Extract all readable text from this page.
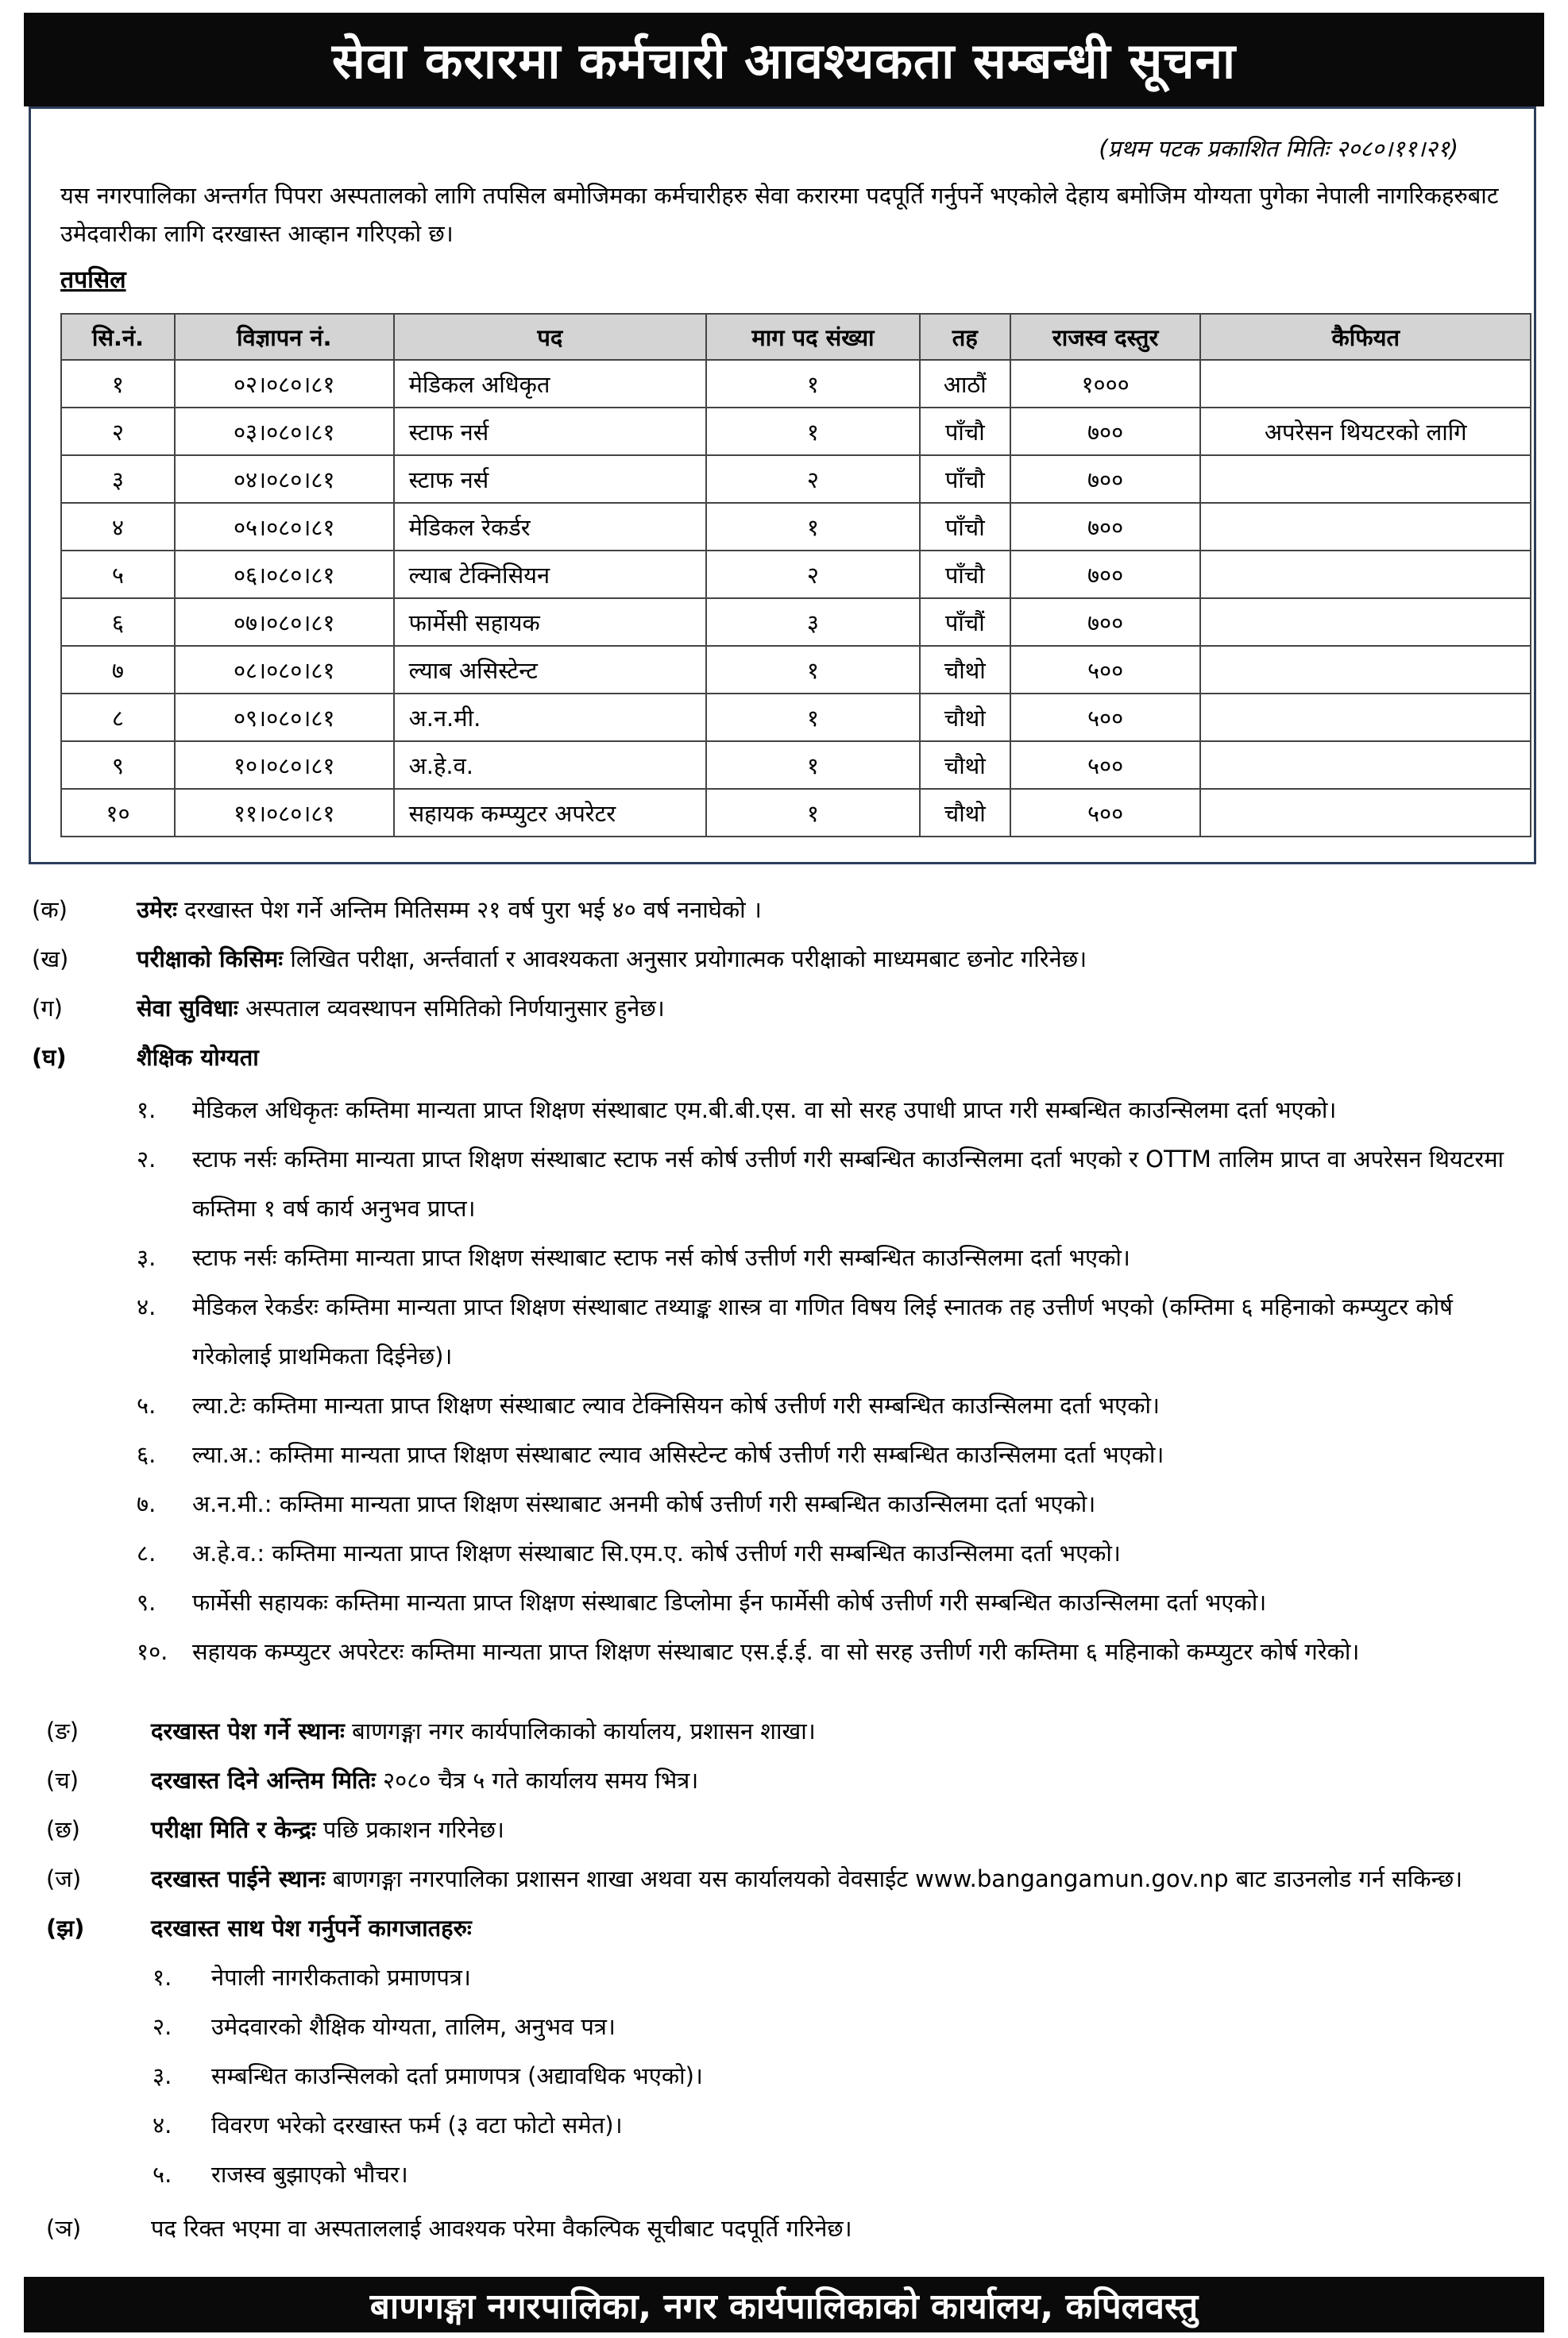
सेवा करारमा कर्मचारी आवश्यकता सम्बन्धी सूचना
(प्रथम पटक प्रकाशित मितिः २०८०।११।२१)
यस नगरपालिका अन्तर्गत पिपरा अस्पतालको लागि तपसिल बमोजिमका कर्मचारीहरु सेवा करारमा पदपूर्ति गर्नुपर्ने भएकोले देहाय बमोजिम योग्यता पुगेका नेपाली नागरिकहरुबाट उमेदवारीका लागि दरखास्त आव्हान गरिएको छ।
तपसिल
सि.नं.	विज्ञापन नं.	पद	माग पद संख्या	तह	राजस्व दस्तुर	कैफियत
१	०२।०८०।८१	मेडिकल अधिकृत	१	आठौं	१०००	
२	०३।०८०।८१	स्टाफ नर्स	१	पाँचौ	७००	अपरेसन थियटरको लागि
३	०४।०८०।८१	स्टाफ नर्स	२	पाँचौ	७००	
४	०५।०८०।८१	मेडिकल रेकर्डर	१	पाँचौ	७००	
५	०६।०८०।८१	ल्याब टेक्निसियन	२	पाँचौ	७००	
६	०७।०८०।८१	फार्मेसी सहायक	३	पाँचौं	७००	
७	०८।०८०।८१	ल्याब असिस्टेन्ट	१	चौथो	५००	
८	०९।०८०।८१	अ.न.मी.	१	चौथो	५००	
९	१०।०८०।८१	अ.हे.व.	१	चौथो	५००	
१०	११।०८०।८१	सहायक कम्प्युटर अपरेटर	१	चौथो	५००	
(क)	उमेरः दरखास्त पेश गर्ने अन्तिम मितिसम्म २१ वर्ष पुरा भई ४० वर्ष ननाघेको ।
(ख)	परीक्षाको किसिमः लिखित परीक्षा, अर्न्तवार्ता र आवश्यकता अनुसार प्रयोगात्मक परीक्षाको माध्यमबाट छनोट गरिनेछ।
(ग)	सेवा सुविधाः अस्पताल व्यवस्थापन समितिको निर्णयानुसार हुनेछ।
(घ)	शैक्षिक योग्यता
१.	मेडिकल अधिकृतः कम्तिमा मान्यता प्राप्त शिक्षण संस्थाबाट एम.बी.बी.एस. वा सो सरह उपाधी प्राप्त गरी सम्बन्धित काउन्सिलमा दर्ता भएको।
२.	स्टाफ नर्सः कम्तिमा मान्यता प्राप्त शिक्षण संस्थाबाट स्टाफ नर्स कोर्ष उत्तीर्ण गरी सम्बन्धित काउन्सिलमा दर्ता भएको र OTTM तालिम प्राप्त वा अपरेसन थियटरमा कम्तिमा १ वर्ष कार्य अनुभव प्राप्त।
३.	स्टाफ नर्सः कम्तिमा मान्यता प्राप्त शिक्षण संस्थाबाट स्टाफ नर्स कोर्ष उत्तीर्ण गरी सम्बन्धित काउन्सिलमा दर्ता भएको।
४.	मेडिकल रेकर्डरः कम्तिमा मान्यता प्राप्त शिक्षण संस्थाबाट तथ्याङ्क शास्त्र वा गणित विषय लिई स्नातक तह उत्तीर्ण भएको (कम्तिमा ६ महिनाको कम्प्युटर कोर्ष गरेकोलाई प्राथमिकता दिईनेछ)।
५.	ल्या.टेः कम्तिमा मान्यता प्राप्त शिक्षण संस्थाबाट ल्याव टेक्निसियन कोर्ष उत्तीर्ण गरी सम्बन्धित काउन्सिलमा दर्ता भएको।
६.	ल्या.अ.: कम्तिमा मान्यता प्राप्त शिक्षण संस्थाबाट ल्याव असिस्टेन्ट कोर्ष उत्तीर्ण गरी सम्बन्धित काउन्सिलमा दर्ता भएको।
७.	अ.न.मी.: कम्तिमा मान्यता प्राप्त शिक्षण संस्थाबाट अनमी कोर्ष उत्तीर्ण गरी सम्बन्धित काउन्सिलमा दर्ता भएको।
८.	अ.हे.व.: कम्तिमा मान्यता प्राप्त शिक्षण संस्थाबाट सि.एम.ए. कोर्ष उत्तीर्ण गरी सम्बन्धित काउन्सिलमा दर्ता भएको।
९.	फार्मेसी सहायकः कम्तिमा मान्यता प्राप्त शिक्षण संस्थाबाट डिप्लोमा ईन फार्मेसी कोर्ष उत्तीर्ण गरी सम्बन्धित काउन्सिलमा दर्ता भएको।
१०.	सहायक कम्प्युटर अपरेटरः कम्तिमा मान्यता प्राप्त शिक्षण संस्थाबाट एस.ई.ई. वा सो सरह उत्तीर्ण गरी कम्तिमा ६ महिनाको कम्प्युटर कोर्ष गरेको।
(ङ)	दरखास्त पेश गर्ने स्थानः बाणगङ्गा नगर कार्यपालिकाको कार्यालय, प्रशासन शाखा।
(च)	दरखास्त दिने अन्तिम मितिः २०८० चैत्र ५ गते कार्यालय समय भित्र।
(छ)	परीक्षा मिति र केन्द्रः पछि प्रकाशन गरिनेछ।
(ज)	दरखास्त पाईने स्थानः बाणगङ्गा नगरपालिका प्रशासन शाखा अथवा यस कार्यालयको वेवसाईट www.bangangamun.gov.np बाट डाउनलोड गर्न सकिन्छ।
(झ)	दरखास्त साथ पेश गर्नुपर्ने कागजातहरुः
१.	नेपाली नागरीकताको प्रमाणपत्र।
२.	उमेदवारको शैक्षिक योग्यता, तालिम, अनुभव पत्र।
३.	सम्बन्धित काउन्सिलको दर्ता प्रमाणपत्र (अद्यावधिक भएको)।
४.	विवरण भरेको दरखास्त फर्म (३ वटा फोटो समेत)।
५.	राजस्व बुझाएको भौचर।
(ञ)	पद रिक्त भएमा वा अस्पताललाई आवश्यक परेमा वैकल्पिक सूचीबाट पदपूर्ति गरिनेछ।
बाणगङ्गा नगरपालिका, नगर कार्यपालिकाको कार्यालय, कपिलवस्तु
